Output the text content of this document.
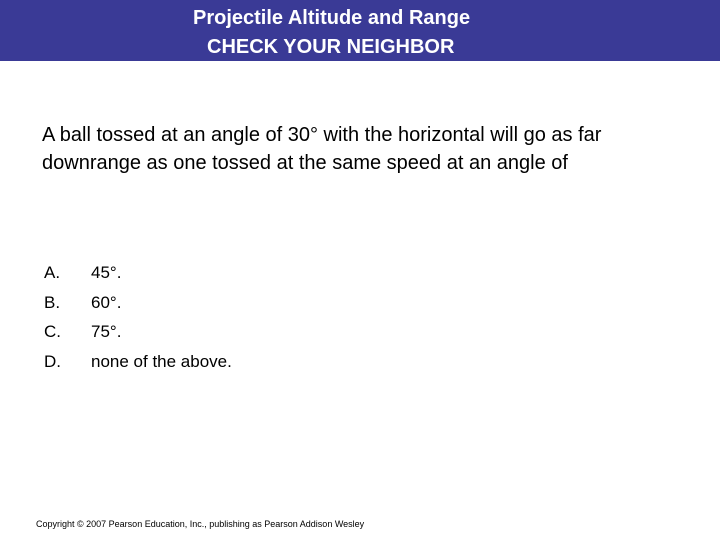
Projectile Altitude and Range
CHECK YOUR NEIGHBOR
A ball tossed at an angle of 30° with the horizontal will go as far downrange as one tossed at the same speed at an angle of
A. 45°.
B. 60°.
C. 75°.
D. none of the above.
Copyright © 2007 Pearson Education, Inc., publishing as Pearson Addison Wesley
